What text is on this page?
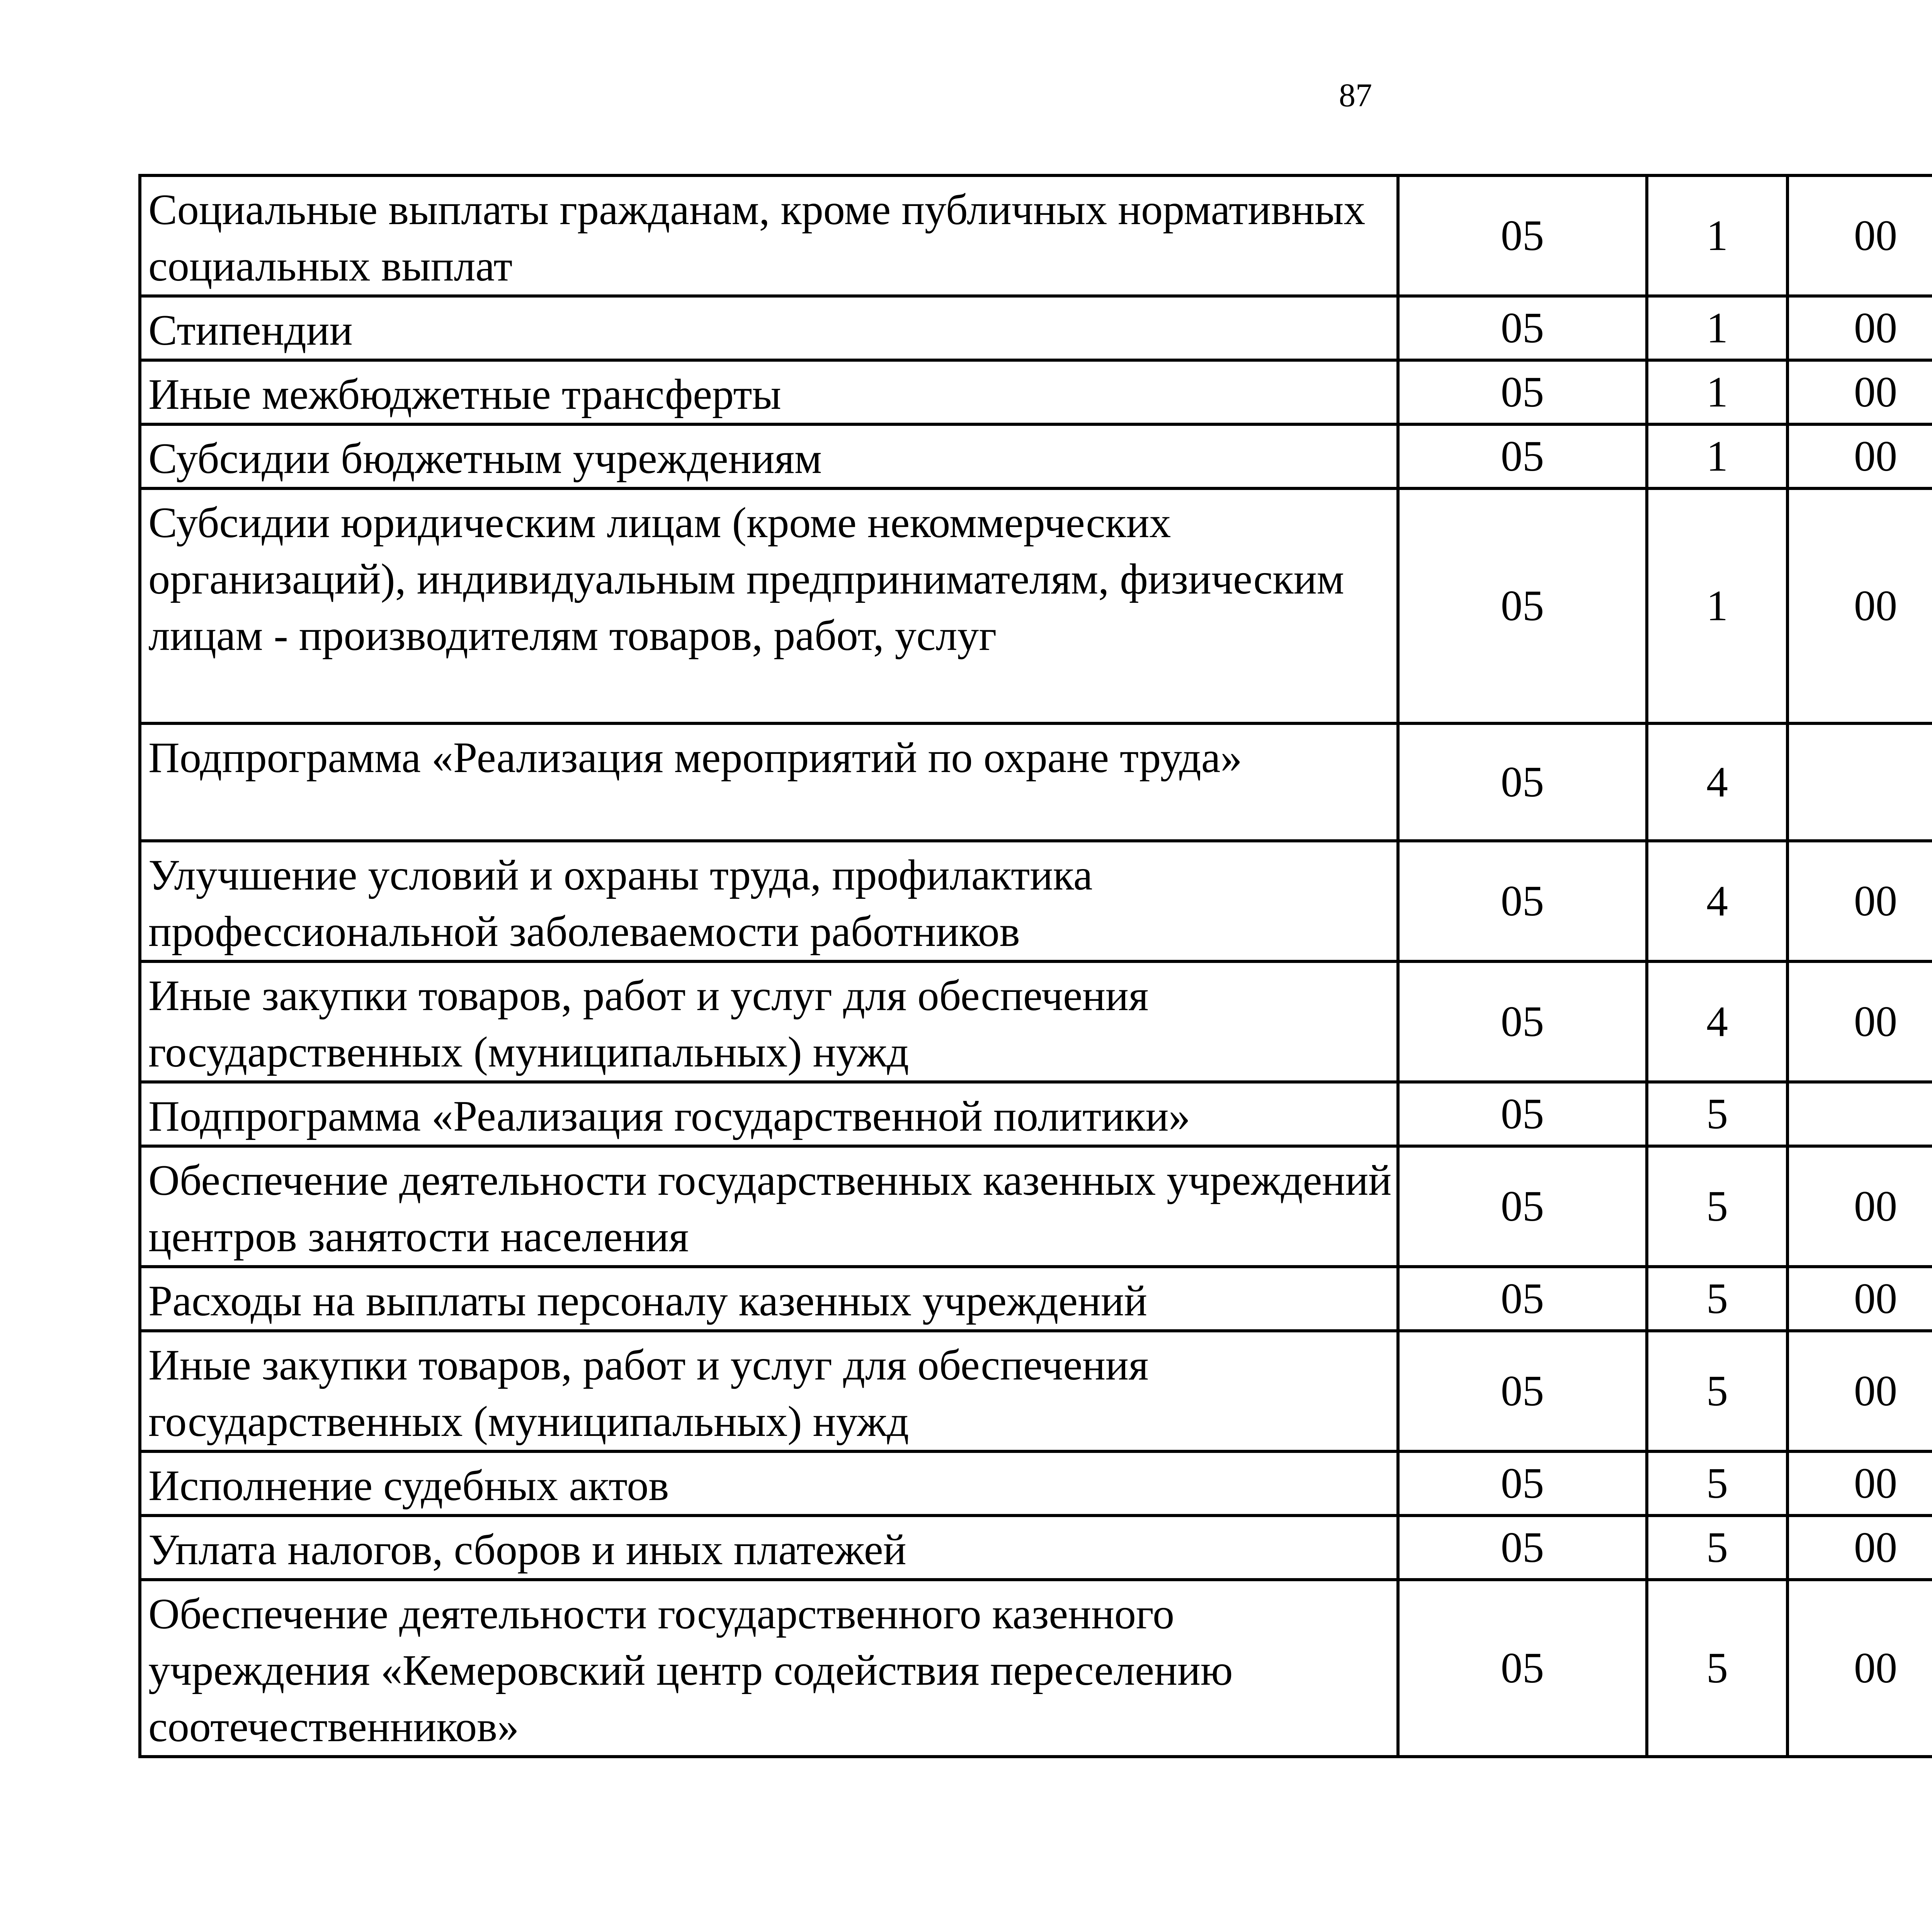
87
Социальные выплаты гражданам, кроме публичных нормативных социальных выплат	05	1	00			
Стипендии	05	1	00			
Иные межбюджетные трансферты	05	1	00			
Субсидии бюджетным учреждениям	05	1	00			
Субсидии юридическим лицам (кроме некоммерческих организаций), индивидуальным предпринимателям, физическим лицам - производителям товаров, работ, услуг	05	1	00			
Подпрограмма «Реализация мероприятий по охране труда»	05	4				
Улучшение условий и охраны труда, профилактика профессиональной заболеваемости работников	05	4	00			
Иные закупки товаров, работ и услуг для обеспечения государственных (муниципальных) нужд	05	4	00			
Подпрограмма «Реализация государственной политики»	05	5				
Обеспечение деятельности государственных казенных учреждений центров занятости населения	05	5	00			
Расходы на выплаты персоналу казенных учреждений	05	5	00			
Иные закупки товаров, работ и услуг для обеспечения государственных (муниципальных) нужд	05	5	00			
Исполнение судебных актов	05	5	00			
Уплата налогов, сборов и иных платежей	05	5	00			
Обеспечение деятельности государственного казенного учреждения «Кемеровский центр содействия переселению соотечественников»	05	5	00			
